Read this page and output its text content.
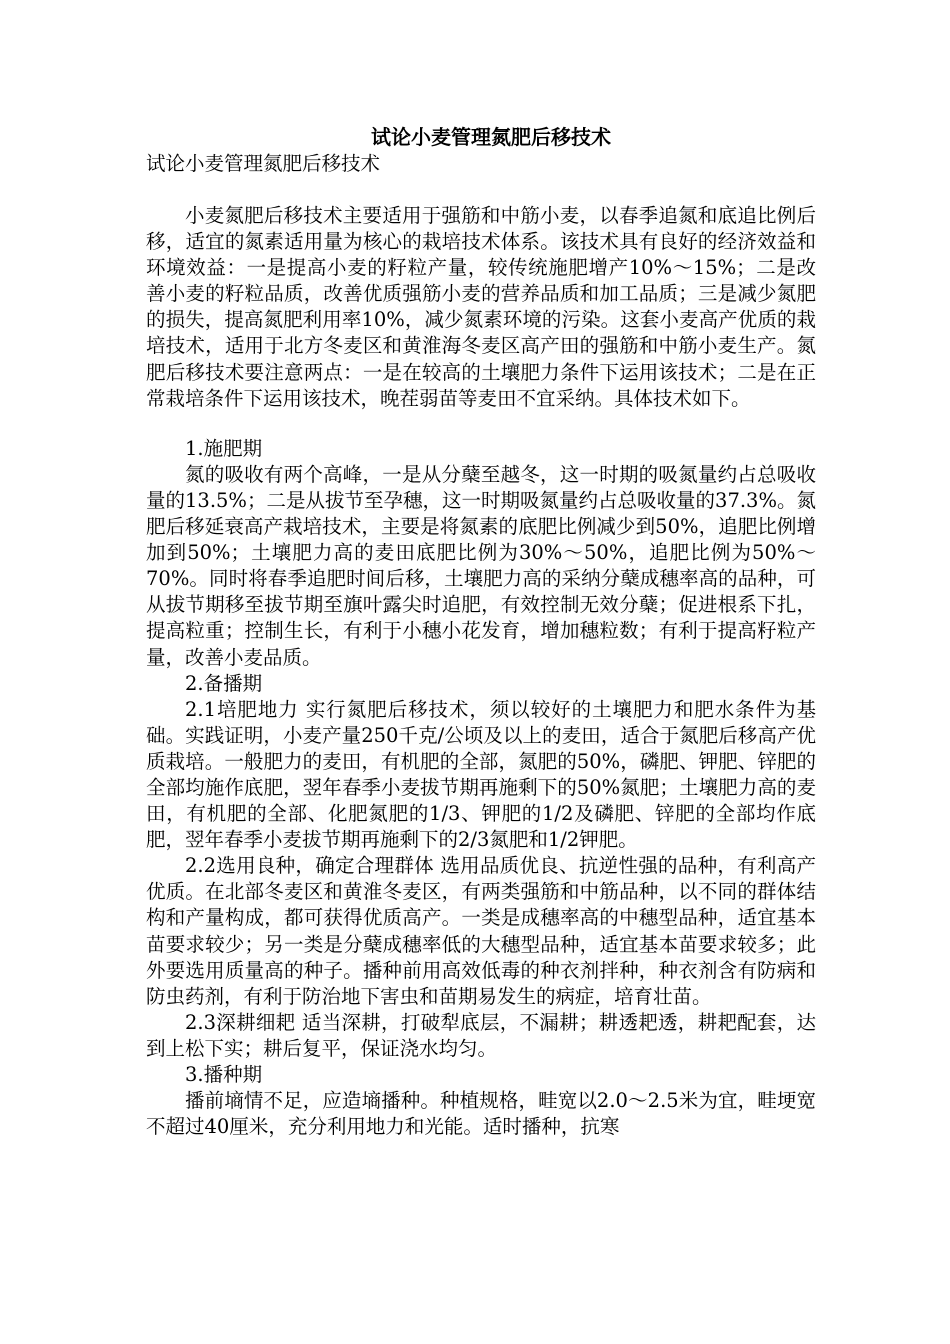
试论小麦管理氮肥后移技术

试论小麦管理氮肥后移技术

小麦氮肥后移技术主要适用于强筋和中筋小麦，以春季追氮和底追比例后移，适宜的氮素适用量为核心的栽培技术体系。该技术具有良好的经济效益和环境效益：一是提高小麦的籽粒产量，较传统施肥增产10%～15%；二是改善小麦的籽粒品质，改善优质强筋小麦的营养品质和加工品质；三是减少氮肥的损失，提高氮肥利用率10%，减少氮素环境的污染。这套小麦高产优质的栽培技术，适用于北方冬麦区和黄淮海冬麦区高产田的强筋和中筋小麦生产。氮肥后移技术要注意两点：一是在较高的土壤肥力条件下运用该技术；二是在正常栽培条件下运用该技术，晚茬弱苗等麦田不宜采纳。具体技术如下。

1.施肥期

氮的吸收有两个高峰，一是从分蘖至越冬，这一时期的吸氮量约占总吸收量的13.5%；二是从拔节至孕穗，这一时期吸氮量约占总吸收量的37.3%。氮肥后移延衰高产栽培技术，主要是将氮素的底肥比例减少到50%，追肥比例增加到50%；土壤肥力高的麦田底肥比例为30%～50%，追肥比例为50%～70%。同时将春季追肥时间后移，土壤肥力高的采纳分蘖成穗率高的品种，可从拔节期移至拔节期至旗叶露尖时追肥，有效控制无效分蘖；促进根系下扎，提高粒重；控制生长，有利于小穗小花发育，增加穗粒数；有利于提高籽粒产量，改善小麦品质。

2.备播期

2.1培肥地力 实行氮肥后移技术，须以较好的土壤肥力和肥水条件为基础。实践证明，小麦产量250千克/公顷及以上的麦田，适合于氮肥后移高产优质栽培。一般肥力的麦田，有机肥的全部，氮肥的50%，磷肥、钾肥、锌肥的全部均施作底肥，翌年春季小麦拔节期再施剩下的50%氮肥；土壤肥力高的麦田，有机肥的全部、化肥氮肥的1/3、钾肥的1/2及磷肥、锌肥的全部均作底肥，翌年春季小麦拔节期再施剩下的2/3氮肥和1/2钾肥。

2.2选用良种，确定合理群体 选用品质优良、抗逆性强的品种，有利高产优质。在北部冬麦区和黄淮冬麦区，有两类强筋和中筋品种，以不同的群体结构和产量构成，都可获得优质高产。一类是成穗率高的中穗型品种，适宜基本苗要求较少；另一类是分蘖成穗率低的大穗型品种，适宜基本苗要求较多；此外要选用质量高的种子。播种前用高效低毒的种衣剂拌种，种衣剂含有防病和防虫药剂，有利于防治地下害虫和苗期易发生的病症，培育壮苗。

2.3深耕细耙 适当深耕，打破犁底层，不漏耕；耕透耙透，耕耙配套，达到上松下实；耕后复平，保证浇水均匀。

3.播种期

播前墒情不足，应造墒播种。种植规格，畦宽以2.0～2.5米为宜，畦埂宽不超过40厘米，充分利用地力和光能。适时播种，抗寒
